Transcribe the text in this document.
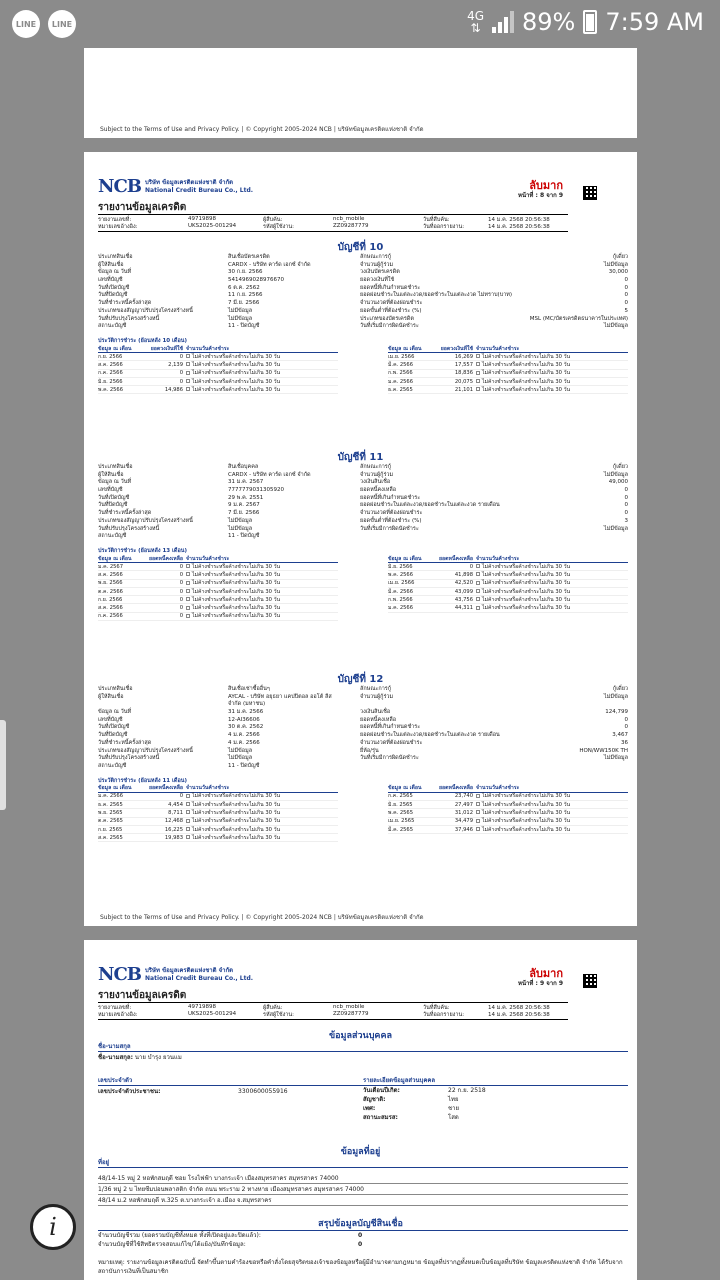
LINE	LINE
4G
⇅ 89% 7:59 AM
Subject to the Terms of Use and Privacy Policy. | © Copyright 2005-2024 NCB | บริษัทข้อมูลเครดิตแห่งชาติ จำกัด
NCB บริษัท ข้อมูลเครดิตแห่งชาติ จำกัด
National Credit Bureau Co., Ltd.	ลับมาก
หน้าที่ : 8 จาก 9
รายงานข้อมูลเครดิต
รายงานเลขที่:	49719898	ผู้สืบค้น:	ncb_mobile	วันที่สืบค้น:	14 ม.ค. 2568 20:56:38
หมายเลขอ้างอิง:	UKS2025-001294	รหัสผู้ใช้งาน:	ZZ09287779	วันที่ออกรายงาน:	14 ม.ค. 2568 20:56:38
บัญชีที่ 10
ประเภทสินเชื่อ	สินเชื่อบัตรเครดิต	ลักษณะการกู้	กู้เดี่ยว
ผู้ให้สินเชื่อ	CARDX - บริษัท คาร์ด เอกซ์ จำกัด	จำนวนผู้กู้ร่วม	ไม่มีข้อมูล
ข้อมูล ณ วันที่	30 ก.ย. 2566	วงเงินบัตรเครดิต	30,000
เลขที่บัญชี	5414969028976670	ยอดวงเงินที่ใช้	0
วันที่เปิดบัญชี	6 ต.ค. 2562	ยอดหนี้ที่เกินกำหนดชำระ	0
วันที่ปิดบัญชี	11 ก.ย. 2566	ยอดผ่อนชำระในแต่ละงวด/ยอดชำระในแต่ละงวด ไม่ทราบ(บาท)	0
วันที่ชำระหนี้ครั้งล่าสุด	7 มี.ย. 2566	จำนวนงวดที่ต้องผ่อนชำระ	0
ประเภทของสัญญาปรับปรุงโครงสร้างหนี้	ไม่มีข้อมูล	ยอดขั้นต่ำที่ต้องชำระ (%)	5
วันที่ปรับปรุงโครงสร้างหนี้	ไม่มีข้อมูล	ประเภทของบัตรเครดิต	MSL (MC/บัตรเครดิตธนาคารในประเทศ)
สถานะบัญชี	11 - ปิดบัญชี	วันที่เริ่มมีการผิดนัดชำระ	ไม่มีข้อมูล
ประวัติการชำระ (ย้อนหลัง 10 เดือน)
ข้อมูล ณ เดือน	ยอดวงเงินที่ใช้ จำนวนวันค้างชำระ
ก.ย. 2566	0	ไม่ค้างชำระหรือค้างชำระไม่เกิน 30 วัน
ส.ค. 2566	2,139	ไม่ค้างชำระหรือค้างชำระไม่เกิน 30 วัน
ก.ค. 2566	0	ไม่ค้างชำระหรือค้างชำระไม่เกิน 30 วัน
มิ.ย. 2566	0	ไม่ค้างชำระหรือค้างชำระไม่เกิน 30 วัน
พ.ค. 2566	14,986	ไม่ค้างชำระหรือค้างชำระไม่เกิน 30 วัน
ข้อมูล ณ เดือน	ยอดวงเงินที่ใช้ จำนวนวันค้างชำระ
เม.ย. 2566	16,269	ไม่ค้างชำระหรือค้างชำระไม่เกิน 30 วัน
มี.ค. 2566	17,557	ไม่ค้างชำระหรือค้างชำระไม่เกิน 30 วัน
ก.พ. 2566	18,836	ไม่ค้างชำระหรือค้างชำระไม่เกิน 30 วัน
ม.ค. 2566	20,075	ไม่ค้างชำระหรือค้างชำระไม่เกิน 30 วัน
ธ.ค. 2565	21,101	ไม่ค้างชำระหรือค้างชำระไม่เกิน 30 วัน
บัญชีที่ 11
ประเภทสินเชื่อ	สินเชื่อบุคคล	ลักษณะการกู้	กู้เดี่ยว
ผู้ให้สินเชื่อ	CARDX - บริษัท คาร์ด เอกซ์ จำกัด	จำนวนผู้กู้ร่วม	ไม่มีข้อมูล
ข้อมูล ณ วันที่	31 ม.ค. 2567	วงเงินสินเชื่อ	49,000
เลขที่บัญชี	7777779031305920	ยอดหนี้คงเหลือ	0
วันที่เปิดบัญชี	29 พ.ค. 2551	ยอดหนี้ที่เกินกำหนดชำระ	0
วันที่ปิดบัญชี	9 ม.ค. 2567	ยอดผ่อนชำระในแต่ละงวด/ยอดชำระในแต่ละงวด รายเดือน	0
วันที่ชำระหนี้ครั้งล่าสุด	7 มี.ย. 2566	จำนวนงวดที่ต้องผ่อนชำระ	0
ประเภทของสัญญาปรับปรุงโครงสร้างหนี้	ไม่มีข้อมูล	ยอดขั้นต่ำที่ต้องชำระ (%)	3
วันที่ปรับปรุงโครงสร้างหนี้	ไม่มีข้อมูล	วันที่เริ่มมีการผิดนัดชำระ	ไม่มีข้อมูล
สถานะบัญชี	11 - ปิดบัญชี
ประวัติการชำระ (ย้อนหลัง 13 เดือน)
ข้อมูล ณ เดือน	ยอดหนี้คงเหลือ จำนวนวันค้างชำระ
ม.ค. 2567	0	ไม่ค้างชำระหรือค้างชำระไม่เกิน 30 วัน
ส.ค. 2566	0	ไม่ค้างชำระหรือค้างชำระไม่เกิน 30 วัน
พ.ย. 2566	0	ไม่ค้างชำระหรือค้างชำระไม่เกิน 30 วัน
ต.ค. 2566	0	ไม่ค้างชำระหรือค้างชำระไม่เกิน 30 วัน
ก.ย. 2566	0	ไม่ค้างชำระหรือค้างชำระไม่เกิน 30 วัน
ส.ค. 2566	0	ไม่ค้างชำระหรือค้างชำระไม่เกิน 30 วัน
ก.ค. 2566	0	ไม่ค้างชำระหรือค้างชำระไม่เกิน 30 วัน
ข้อมูล ณ เดือน	ยอดหนี้คงเหลือ จำนวนวันค้างชำระ
มิ.ย. 2566	0	ไม่ค้างชำระหรือค้างชำระไม่เกิน 30 วัน
พ.ค. 2566	41,898	ไม่ค้างชำระหรือค้างชำระไม่เกิน 30 วัน
เม.ย. 2566	42,520	ไม่ค้างชำระหรือค้างชำระไม่เกิน 30 วัน
มี.ค. 2566	43,099	ไม่ค้างชำระหรือค้างชำระไม่เกิน 30 วัน
ก.พ. 2566	43,756	ไม่ค้างชำระหรือค้างชำระไม่เกิน 30 วัน
ม.ค. 2566	44,311	ไม่ค้างชำระหรือค้างชำระไม่เกิน 30 วัน
บัญชีที่ 12
ประเภทสินเชื่อ	สินเชื่อเช่าซื้ออื่นๆ	ลักษณะการกู้	กู้เดี่ยว
ผู้ให้สินเชื่อ	AYCAL - บริษัท อยุธยา แคปปิตอล ออโต้ ลีส	จำนวนผู้กู้ร่วม	ไม่มีข้อมูล
จำกัด (มหาชน)
ข้อมูล ณ วันที่	31 ม.ค. 2566	วงเงินสินเชื่อ	124,799
เลขที่บัญชี	12-AI36606	ยอดหนี้คงเหลือ	0
วันที่เปิดบัญชี	30 ต.ค. 2562	ยอดหนี้ที่เกินกำหนดชำระ	0
วันที่ปิดบัญชี	4 ม.ค. 2566	ยอดผ่อนชำระในแต่ละงวด/ยอดชำระในแต่ละงวด รายเดือน	3,467
วันที่ชำระหนี้ครั้งล่าสุด	4 ม.ค. 2566	จำนวนงวดที่ต้องผ่อนชำระ	36
ประเภทของสัญญาปรับปรุงโครงสร้างหนี้	ไม่มีข้อมูล	ยี่ห้อ/รุ่น	HON/WW150K TH
วันที่ปรับปรุงโครงสร้างหนี้	ไม่มีข้อมูล	วันที่เริ่มมีการผิดนัดชำระ	ไม่มีข้อมูล
สถานะบัญชี	11 - ปิดบัญชี
ประวัติการชำระ (ย้อนหลัง 11 เดือน)
ข้อมูล ณ เดือน	ยอดหนี้คงเหลือ จำนวนวันค้างชำระ
ม.ค. 2566	0	ไม่ค้างชำระหรือค้างชำระไม่เกิน 30 วัน
ธ.ค. 2565	4,454	ไม่ค้างชำระหรือค้างชำระไม่เกิน 30 วัน
พ.ย. 2565	8,711	ไม่ค้างชำระหรือค้างชำระไม่เกิน 30 วัน
ต.ค. 2565	12,468	ไม่ค้างชำระหรือค้างชำระไม่เกิน 30 วัน
ก.ย. 2565	16,225	ไม่ค้างชำระหรือค้างชำระไม่เกิน 30 วัน
ส.ค. 2565	19,983	ไม่ค้างชำระหรือค้างชำระไม่เกิน 30 วัน
ข้อมูล ณ เดือน	ยอดหนี้คงเหลือ จำนวนวันค้างชำระ
ก.ค. 2565	23,740	ไม่ค้างชำระหรือค้างชำระไม่เกิน 30 วัน
มิ.ย. 2565	27,497	ไม่ค้างชำระหรือค้างชำระไม่เกิน 30 วัน
พ.ค. 2565	31,012	ไม่ค้างชำระหรือค้างชำระไม่เกิน 30 วัน
เม.ย. 2565	34,479	ไม่ค้างชำระหรือค้างชำระไม่เกิน 30 วัน
มี.ค. 2565	37,946	ไม่ค้างชำระหรือค้างชำระไม่เกิน 30 วัน
Subject to the Terms of Use and Privacy Policy. | © Copyright 2005-2024 NCB | บริษัทข้อมูลเครดิตแห่งชาติ จำกัด
NCB บริษัท ข้อมูลเครดิตแห่งชาติ จำกัด
National Credit Bureau Co., Ltd.	ลับมาก
หน้าที่ : 9 จาก 9
รายงานข้อมูลเครดิต
รายงานเลขที่:	49719898	ผู้สืบค้น:	ncb_mobile	วันที่สืบค้น:	14 ม.ค. 2568 20:56:38
หมายเลขอ้างอิง:	UKS2025-001294	รหัสผู้ใช้งาน:	ZZ09287779	วันที่ออกรายงาน:	14 ม.ค. 2568 20:56:38
ข้อมูลส่วนบุคคล
ชื่อ-นามสกุล
ชื่อ-นามสกุล: นาย บำรุง ยวนแม
เลขประจำตัว
เลขประจำตัวประชาชน:	3300600055916
รายละเอียดข้อมูลส่วนบุคคล
วันเดือนปีเกิด:	22 ก.ย. 2518
สัญชาติ:	ไทย
เพศ:	ชาย
สถานะสมรส:	โสด
ข้อมูลที่อยู่
ที่อยู่
48/14-15 หมู่ 2 หอพักสมฤดี ซอย โรงไฟฟ้า บางกระเจ้า เมืองสมุทรสาคร สมุทรสาคร 74000
1/36 หมู่ 2 บ ไทยซีมปอนพลาสติก จำกัด ถนน พระราม 2 ทางหาย เมืองสมุทรสาคร สมุทรสาคร 74000
48/14 ม.2 หอพักสมฤดี ห.325 ต.บางกระเจ้า อ.เมือง จ.สมุทรสาคร
สรุปข้อมูลบัญชีสินเชื่อ
จำนวนบัญชีรวม (ยอดรวมบัญชีทั้งหมด ทั้งที่เปิดอยู่และปิดแล้ว):	0
จำนวนบัญชีที่ใช้สิทธิตรวจสอบแก้ไข/โต้แย้ง/บันทึกข้อมูล:	0
หมายเหตุ: รายงานข้อมูลเครดิตฉบับนี้ จัดทำขึ้นตามคำร้องขอหรือคำสั่งโดยสุจริตของเจ้าของข้อมูลหรือผู้มีอำนาจตามกฎหมาย ข้อมูลที่ปรากฏทั้งหมดเป็นข้อมูลที่บริษัท ข้อมูลเครดิตแห่งชาติ จำกัด ได้รับจากสถาบันการเงินที่เป็นสมาชิก
i
